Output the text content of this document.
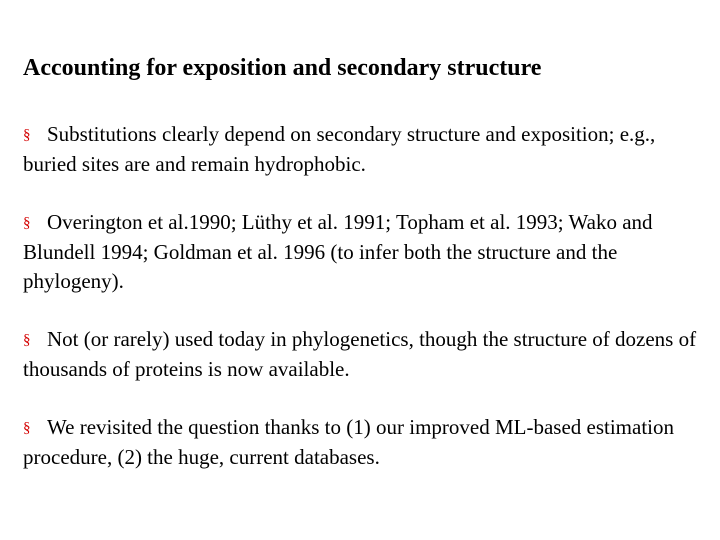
Accounting for exposition and secondary structure
§ Substitutions clearly depend on secondary structure and exposition; e.g., buried sites are and remain hydrophobic.
§ Overington et al.1990; Lüthy et al. 1991; Topham et al. 1993; Wako and Blundell 1994; Goldman et al. 1996 (to infer both the structure and the phylogeny).
§ Not (or rarely) used today in phylogenetics, though the structure of dozens of thousands of proteins is now available.
§ We revisited the question thanks to (1) our improved ML-based estimation procedure, (2) the huge, current databases.
